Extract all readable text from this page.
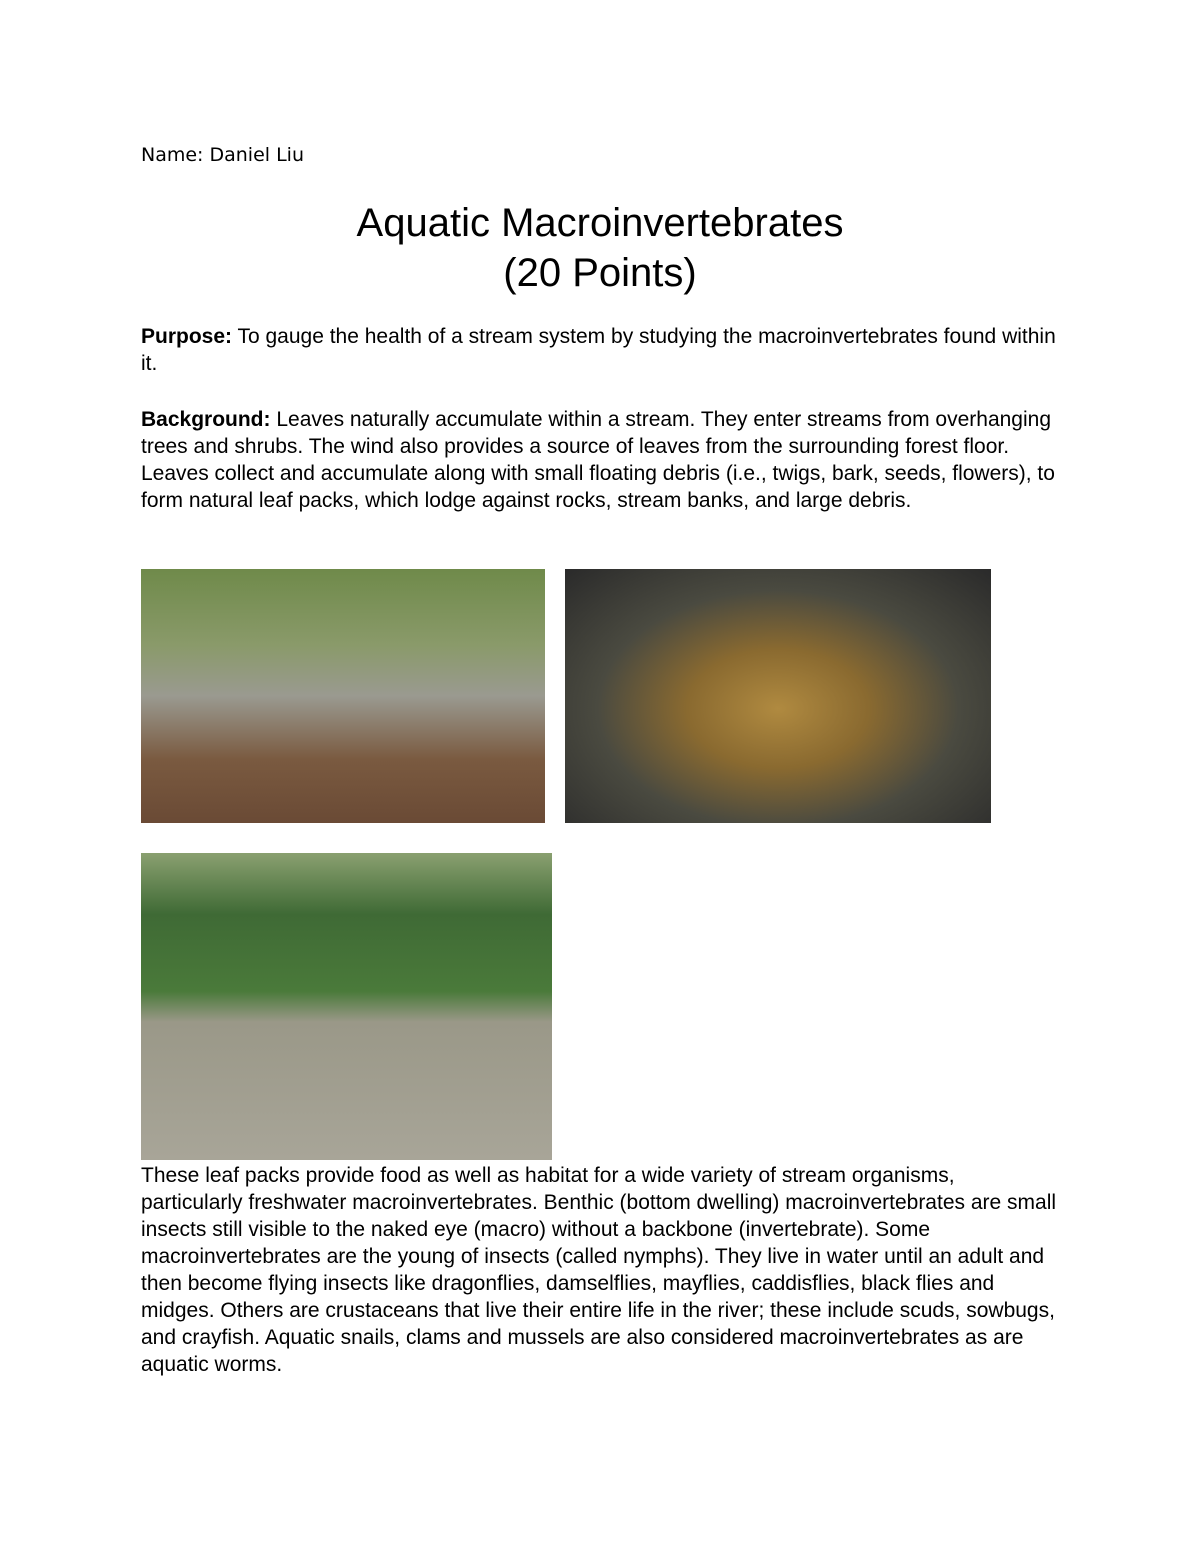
Name: Daniel Liu
Aquatic Macroinvertebrates
(20 Points)
Purpose: To gauge the health of a stream system by studying the macroinvertebrates found within it.
Background: Leaves naturally accumulate within a stream. They enter streams from overhanging trees and shrubs. The wind also provides a source of leaves from the surrounding forest floor. Leaves collect and accumulate along with small floating debris (i.e., twigs, bark, seeds, flowers), to form natural leaf packs, which lodge against rocks, stream banks, and large debris.
These leaf packs provide food as well as habitat for a wide variety of stream organisms, particularly freshwater macroinvertebrates. Benthic (bottom dwelling) macroinvertebrates are small insects still visible to the naked eye (macro) without a backbone (invertebrate). Some macroinvertebrates are the young of insects (called nymphs). They live in water until an adult and then become flying insects like dragonflies, damselflies, mayflies, caddisflies, black flies and midges. Others are crustaceans that live their entire life in the river; these include scuds, sowbugs, and crayfish. Aquatic snails, clams and mussels are also considered macroinvertebrates as are aquatic worms.
